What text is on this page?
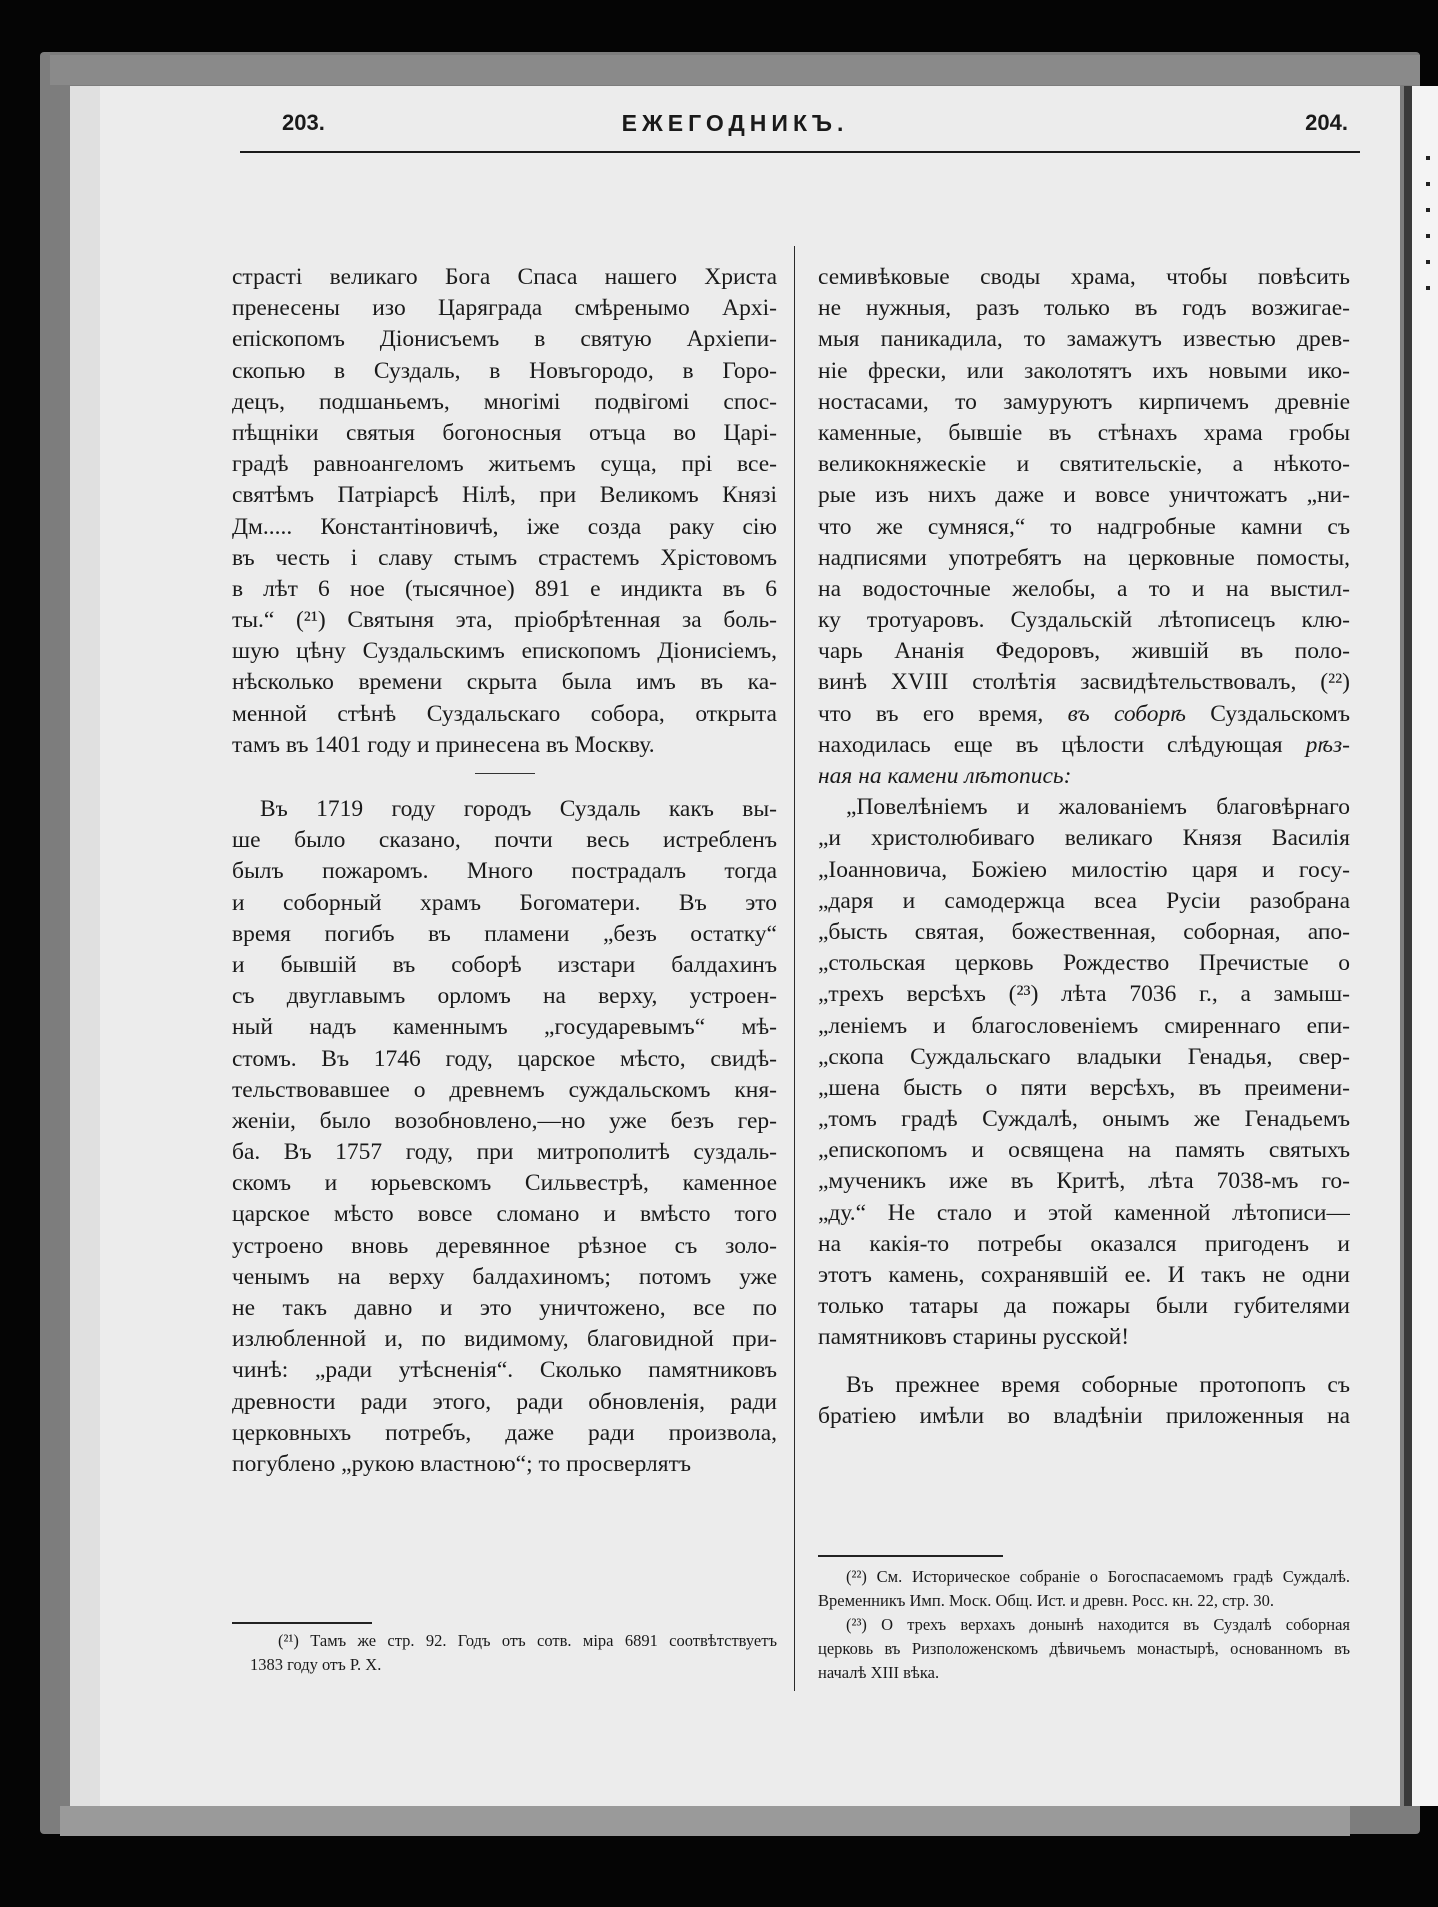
203.	ЕЖЕГОДНИКЪ.	204.
страсті великаго Бога Спаса нашего Христа
пренесены изо Царяграда смѣренымо Архі-
епіскопомъ Діонисъемъ в святую Архіепи-
скопью в Суздаль, в Новъгородо, в Горо-
децъ, подшаньемъ, многімі подвігомі спос-
пѣщніки святыя богоносныя отъца во Царі-
градѣ равноангеломъ житьемъ суща, прі все-
святѣмъ Патріарсѣ Нілѣ, при Великомъ Князі
Дм..... Константіновичѣ, іже созда раку сію
въ честь і славу стымъ страстемъ Хрістовомъ
в лѣт 6 ное (тысячное) 891 е индикта въ 6
ты.“ (²¹) Святыня эта, пріобрѣтенная за боль-
шую цѣну Суздальскимъ епископомъ Діонисіемъ,
нѣсколько времени скрыта была имъ въ ка-
менной стѣнѣ Суздальскаго собора, открыта
тамъ въ 1401 году и принесена въ Москву.
Въ 1719 году городъ Суздаль какъ вы-
ше было сказано, почти весь истребленъ
былъ пожаромъ. Много пострадалъ тогда
и соборный храмъ Богоматери. Въ это
время погибъ въ пламени „безъ остатку“
и бывшій въ соборѣ изстари балдахинъ
съ двуглавымъ орломъ на верху, устроен-
ный надъ каменнымъ „государевымъ“ мѣ-
стомъ. Въ 1746 году, царское мѣсто, свидѣ-
тельствовавшее о древнемъ суждальскомъ кня-
женіи, было возобновлено,—но уже безъ гер-
ба. Въ 1757 году, при митрополитѣ суздаль-
скомъ и юрьевскомъ Сильвестрѣ, каменное
царское мѣсто вовсе сломано и вмѣсто того
устроено вновь деревянное рѣзное съ золо-
ченымъ на верху балдахиномъ; потомъ уже
не такъ давно и это уничтожено, все по
излюбленной и, по видимому, благовидной при-
чинѣ: „ради утѣсненія“. Сколько памятниковъ
древности ради этого, ради обновленія, ради
церковныхъ потребъ, даже ради произвола,
погублено „рукою властною“; то просверлятъ
(²¹) Тамъ же стр. 92. Годъ отъ сотв. міра 6891 соотвѣтствуетъ
1383 году отъ Р. Х.
семивѣковые своды храма, чтобы повѣсить
не нужныя, разъ только въ годъ возжигае-
мыя паникадила, то замажутъ известью древ-
ніе фрески, или заколотятъ ихъ новыми ико-
ностасами, то замуруютъ кирпичемъ древніе
каменные, бывшіе въ стѣнахъ храма гробы
великокняжескіе и святительскіе, а нѣкото-
рые изъ нихъ даже и вовсе уничтожатъ „ни-
что же сумняся,“ то надгробные камни съ
надписями употребятъ на церковные помосты,
на водосточные желобы, а то и на выстил-
ку тротуаровъ. Суздальскій лѣтописецъ клю-
чарь Ананія Федоровъ, жившій въ поло-
винѣ XVIII столѣтія засвидѣтельствовалъ, (²²)
что въ его время, въ соборѣ Суздальскомъ
находилась еще въ цѣлости слѣдующая рѣз-
ная на камени лѣтопись:
„Повелѣніемъ и жалованіемъ благовѣрнаго
„и христолюбиваго великаго Князя Василія
„Іоанновича, Божіею милостію царя и госу-
„даря и самодержца всеа Русіи разобрана
„бысть святая, божественная, соборная, апо-
„стольская церковь Рождество Пречистые о
„трехъ версѣхъ (²³) лѣта 7036 г., а замыш-
„леніемъ и благословеніемъ смиреннаго епи-
„скопа Суждальскаго владыки Генадья, свер-
„шена бысть о пяти версѣхъ, въ преимени-
„томъ градѣ Суждалѣ, онымъ же Генадьемъ
„епископомъ и освящена на память святыхъ
„мученикъ иже въ Критѣ, лѣта 7038-мъ го-
„ду.“ Не стало и этой каменной лѣтописи—
на какія-то потребы оказался пригоденъ и
этотъ камень, сохранявшій ее. И такъ не одни
только татары да пожары были губителями
памятниковъ старины русской!
Въ прежнее время соборные протопопъ съ
братіею имѣли во владѣніи приложенныя на
(²²) См. Историческое собраніе о Богоспасаемомъ градѣ Суждалѣ.
Временникъ Имп. Моск. Общ. Ист. и древн. Росс. кн. 22, стр. 30.
(²³) О трехъ верхахъ донынѣ находится въ Суздалѣ соборная
церковь въ Ризположенскомъ дѣвичьемъ монастырѣ, основанномъ въ
началѣ XIII вѣка.
